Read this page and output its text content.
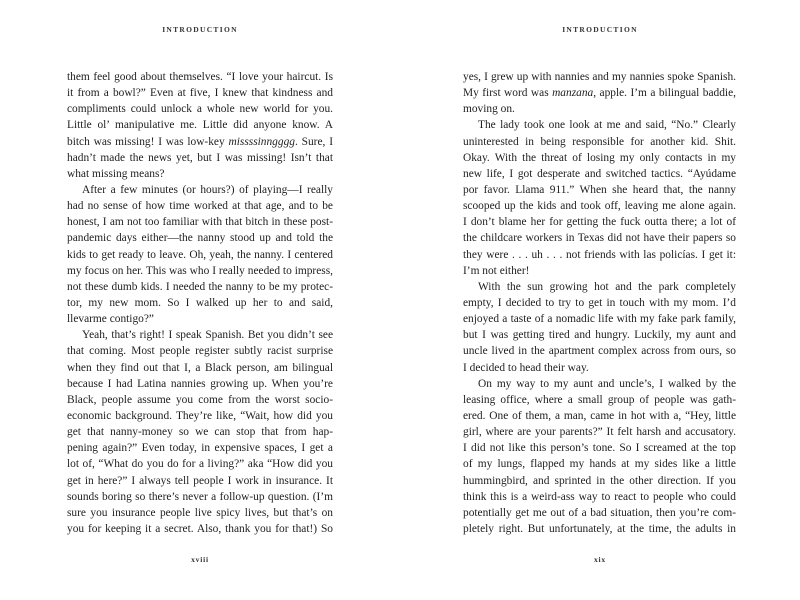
INTRODUCTION
them feel good about themselves. “I love your haircut. Is
it from a bowl?” Even at five, I knew that kindness and
compliments could unlock a whole new world for you.
Little ol’ manipulative me. Little did anyone know. A
bitch was missing! I was low-key missssinngggg. Sure, I
hadn’t made the news yet, but I was missing! Isn’t that
what missing means?
After a few minutes (or hours?) of playing—I really
had no sense of how time worked at that age, and to be
honest, I am not too familiar with that bitch in these post-
pandemic days either—the nanny stood up and told the
kids to get ready to leave. Oh, yeah, the nanny. I centered
my focus on her. This was who I really needed to impress,
not these dumb kids. I needed the nanny to be my protec-
tor, my new mom. So I walked up her to and said,
llevarme contigo?”
Yeah, that’s right! I speak Spanish. Bet you didn’t see
that coming. Most people register subtly racist surprise
when they find out that I, a Black person, am bilingual
because I had Latina nannies growing up. When you’re
Black, people assume you come from the worst socio-
economic background. They’re like, “Wait, how did you
get that nanny-money so we can stop that from hap-
pening again?” Even today, in expensive spaces, I get a
lot of, “What do you do for a living?” aka “How did you
get in here?” I always tell people I work in insurance. It
sounds boring so there’s never a follow-up question. (I’m
sure you insurance people live spicy lives, but that’s on
you for keeping it a secret. Also, thank you for that!) So
xviii
INTRODUCTION
yes, I grew up with nannies and my nannies spoke Spanish.
My first word was manzana, apple. I’m a bilingual baddie,
moving on.
The lady took one look at me and said, “No.” Clearly
uninterested in being responsible for another kid. Shit.
Okay. With the threat of losing my only contacts in my
new life, I got desperate and switched tactics. “Ayúdame
por favor. Llama 911.” When she heard that, the nanny
scooped up the kids and took off, leaving me alone again.
I don’t blame her for getting the fuck outta there; a lot of
the childcare workers in Texas did not have their papers so
they were . . . uh . . . not friends with las policías. I get it:
I’m not either!
With the sun growing hot and the park completely
empty, I decided to try to get in touch with my mom. I’d
enjoyed a taste of a nomadic life with my fake park family,
but I was getting tired and hungry. Luckily, my aunt and
uncle lived in the apartment complex across from ours, so
I decided to head their way.
On my way to my aunt and uncle’s, I walked by the
leasing office, where a small group of people was gath-
ered. One of them, a man, came in hot with a, “Hey, little
girl, where are your parents?” It felt harsh and accusatory.
I did not like this person’s tone. So I screamed at the top
of my lungs, flapped my hands at my sides like a little
hummingbird, and sprinted in the other direction. If you
think this is a weird-ass way to react to people who could
potentially get me out of a bad situation, then you’re com-
pletely right. But unfortunately, at the time, the adults in
xix
